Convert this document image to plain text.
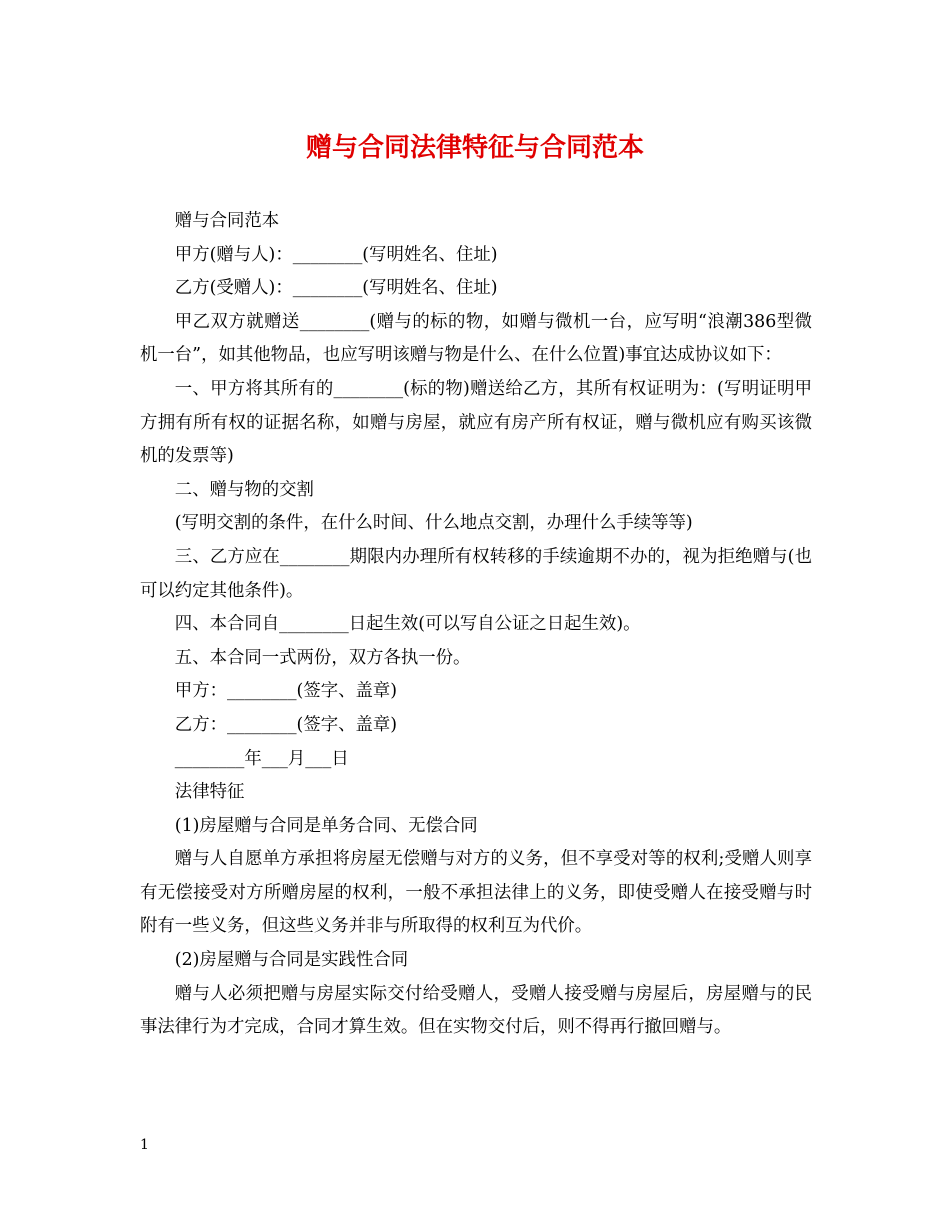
赠与合同法律特征与合同范本

赠与合同范本

甲方(赠与人)：________(写明姓名、住址)

乙方(受赠人)：________(写明姓名、住址)

甲乙双方就赠送________(赠与的标的物，如赠与微机一台，应写明“浪潮386型微机一台”，如其他物品，也应写明该赠与物是什么、在什么位置)事宜达成协议如下：

一、甲方将其所有的________(标的物)赠送给乙方，其所有权证明为：(写明证明甲方拥有所有权的证据名称，如赠与房屋，就应有房产所有权证，赠与微机应有购买该微机的发票等)

二、赠与物的交割

(写明交割的条件，在什么时间、什么地点交割，办理什么手续等等)

三、乙方应在________期限内办理所有权转移的手续逾期不办的，视为拒绝赠与(也可以约定其他条件)。

四、本合同自________日起生效(可以写自公证之日起生效)。

五、本合同一式两份，双方各执一份。

甲方：________(签字、盖章)

乙方：________(签字、盖章)

________年___月___日

法律特征

(1)房屋赠与合同是单务合同、无偿合同

赠与人自愿单方承担将房屋无偿赠与对方的义务，但不享受对等的权利;受赠人则享有无偿接受对方所赠房屋的权利，一般不承担法律上的义务，即使受赠人在接受赠与时附有一些义务，但这些义务并非与所取得的权利互为代价。

(2)房屋赠与合同是实践性合同

赠与人必须把赠与房屋实际交付给受赠人，受赠人接受赠与房屋后，房屋赠与的民事法律行为才完成，合同才算生效。但在实物交付后，则不得再行撤回赠与。

1
